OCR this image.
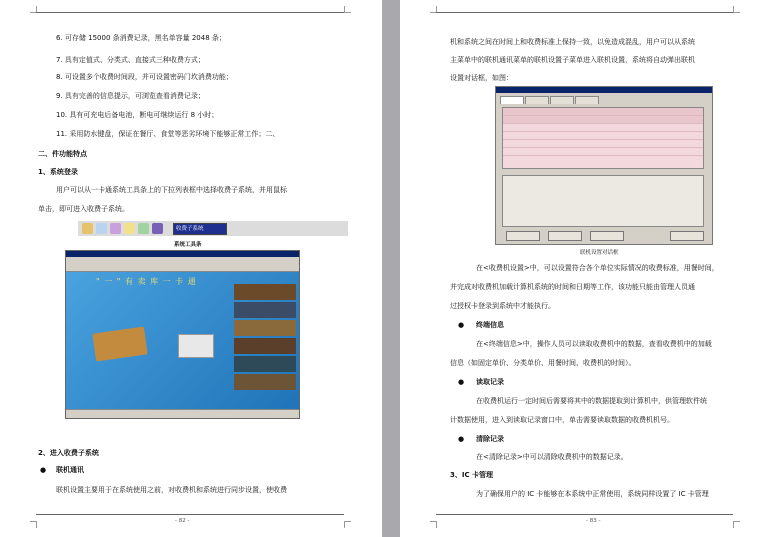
6. 可存储 15000 条消费记录，黑名单容量 2048 条；
7. 具有定值式、分类式、直接式三种收费方式；
8. 可设置多个收费时间段，并可设置密码门坎消费功能；
9. 具有完善的信息提示，可浏览查看消费记录；
10. 具有可充电后备电池，断电可继续运行 8 小时；
11. 采用防水键盘，保证在餐厅、食堂等恶劣环境下能够正常工作；二、
二、件功能特点
1、系统登录
用户可以从一卡通系统工具条上的下拉列表框中选择收费子系统，并用鼠标
单击，即可进入收费子系统。
收费子系统
系统工具条
" 一 " 有 卖 库 一 卡 通
2、进入收费子系统
● 联机通讯
联机设置主要用于在系统使用之前，对收费机和系统进行同步设置，使收费
- 82 -
机和系统之间在时间上和收费标准上保持一致，以免造成混乱，用户可以从系统
主菜单中的联机通讯菜单的联机设置子菜单进入联机设置，系统将自动弹出联机
设置对话框，如图：
联机设置对话框
在<收费机设置>中，可以设置符合各个单位实际情况的收费标准，用餐时间，
并完成对收费机加载计算机系统的时间和日期等工作，该功能只能由管理人员通
过授权卡登录到系统中才能执行。
● 终端信息
在<终端信息>中，操作人员可以读取收费机中的数据，查看收费机中的加载
信息（如固定单价、分类单价、用餐时间、收费机的时间）。
● 读取记录
在收费机运行一定时间后需要将其中的数据提取到计算机中，供管理软件统
计数据使用，进入到读取记录窗口中，单击需要读取数据的收费机机号。
● 清除记录
在<清除记录>中可以清除收费机中的数据记录。
3、IC 卡管理
为了确保用户的 IC 卡能够在本系统中正常使用，系统同样设置了 IC 卡管理
- 83 -
